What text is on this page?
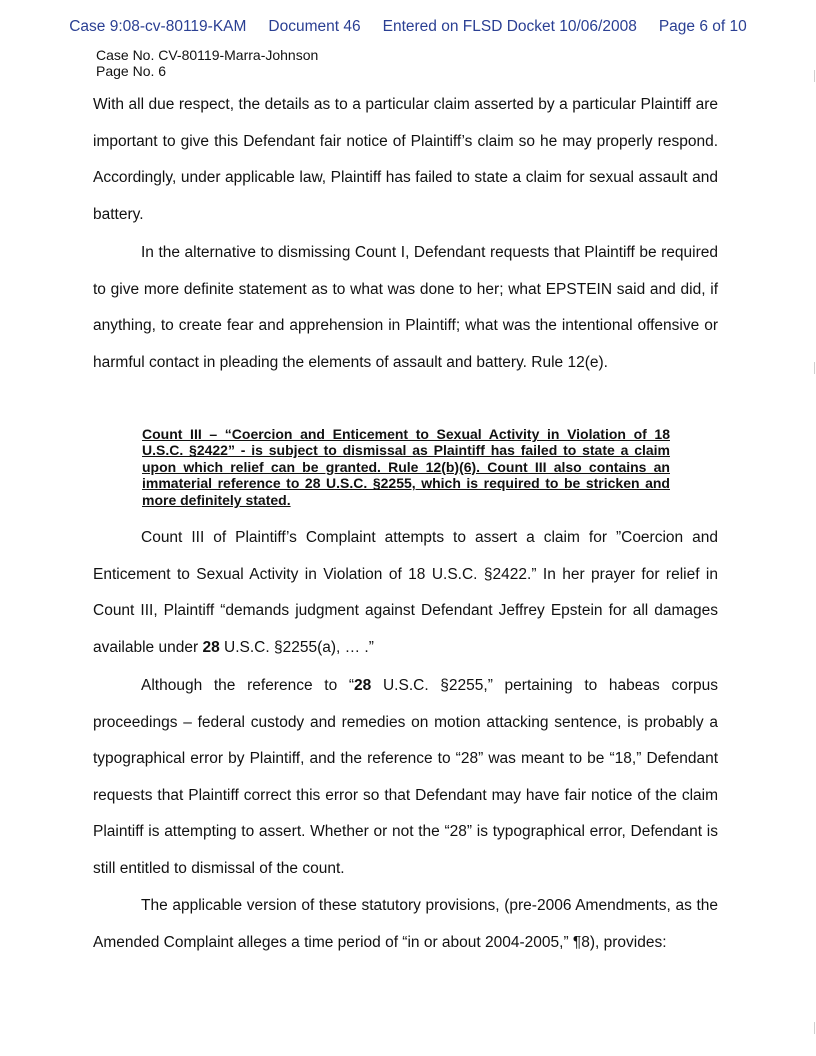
Case 9:08-cv-80119-KAM Document 46 Entered on FLSD Docket 10/06/2008 Page 6 of 10
Case No. CV-80119-Marra-Johnson
Page No. 6

With all due respect, the details as to a particular claim asserted by a particular Plaintiff are important to give this Defendant fair notice of Plaintiff’s claim so he may properly respond. Accordingly, under applicable law, Plaintiff has failed to state a claim for sexual assault and battery.

In the alternative to dismissing Count I, Defendant requests that Plaintiff be required to give more definite statement as to what was done to her; what EPSTEIN said and did, if anything, to create fear and apprehension in Plaintiff; what was the intentional offensive or harmful contact in pleading the elements of assault and battery. Rule 12(e).

Count III – “Coercion and Enticement to Sexual Activity in Violation of 18 U.S.C. §2422” - is subject to dismissal as Plaintiff has failed to state a claim upon which relief can be granted. Rule 12(b)(6). Count III also contains an immaterial reference to 28 U.S.C. §2255, which is required to be stricken and more definitely stated.

Count III of Plaintiff’s Complaint attempts to assert a claim for ”Coercion and Enticement to Sexual Activity in Violation of 18 U.S.C. §2422.” In her prayer for relief in Count III, Plaintiff “demands judgment against Defendant Jeffrey Epstein for all damages available under 28 U.S.C. §2255(a), … .”

Although the reference to “28 U.S.C. §2255,” pertaining to habeas corpus proceedings – federal custody and remedies on motion attacking sentence, is probably a typographical error by Plaintiff, and the reference to “28” was meant to be “18,” Defendant requests that Plaintiff correct this error so that Defendant may have fair notice of the claim Plaintiff is attempting to assert. Whether or not the “28” is typographical error, Defendant is still entitled to dismissal of the count.

The applicable version of these statutory provisions, (pre-2006 Amendments, as the Amended Complaint alleges a time period of “in or about 2004-2005,” ¶8), provides:
